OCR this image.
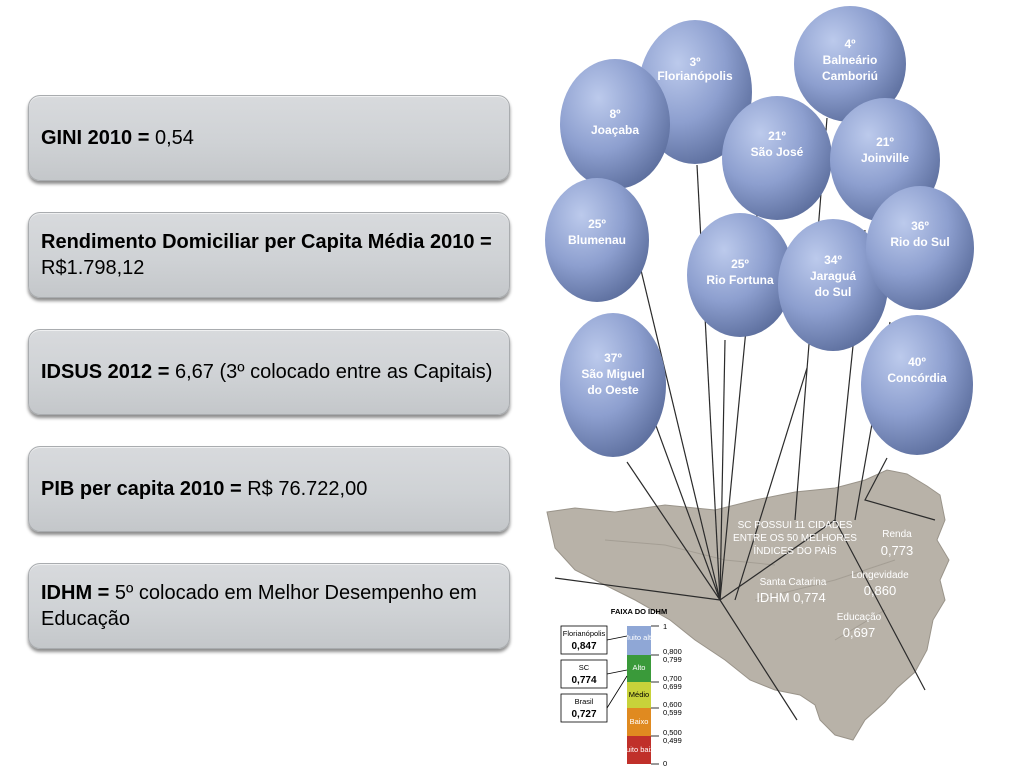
GINI 2010 = 0,54
Rendimento Domiciliar per Capita Média 2010 = R$1.798,12
IDSUS 2012 = 6,67 (3º colocado entre as Capitais)
PIB per capita 2010 = R$ 76.722,00
IDHM = 5º colocado em Melhor Desempenho em Educação
3º
Florianópolis
4º
Balneário
Camboriú
8º
Joaçaba	21º
São José
21º
Joinville
25º
Blumenau
25º
Rio Fortuna
34º
Jaraguá
do Sul
36º
Rio do Sul
37º
São Miguel
do Oeste
40º
Concórdia
SC POSSUI 11 CIDADES
ENTRE OS 50 MELHORES
ÍNDICES DO PAÍS
Santa Catarina
IDHM 0,774
Renda
0,773
Longevidade
0,860
Educação
0,697
FAIXA DO IDHM
Muito alto
Alto
Médio
Baixo
Muito baixo
1
0,800
0,799
0,700
0,699
0,600
0,599
0,500
0,499
0
Florianópolis
0,847
SC
0,774
Brasil
0,727
